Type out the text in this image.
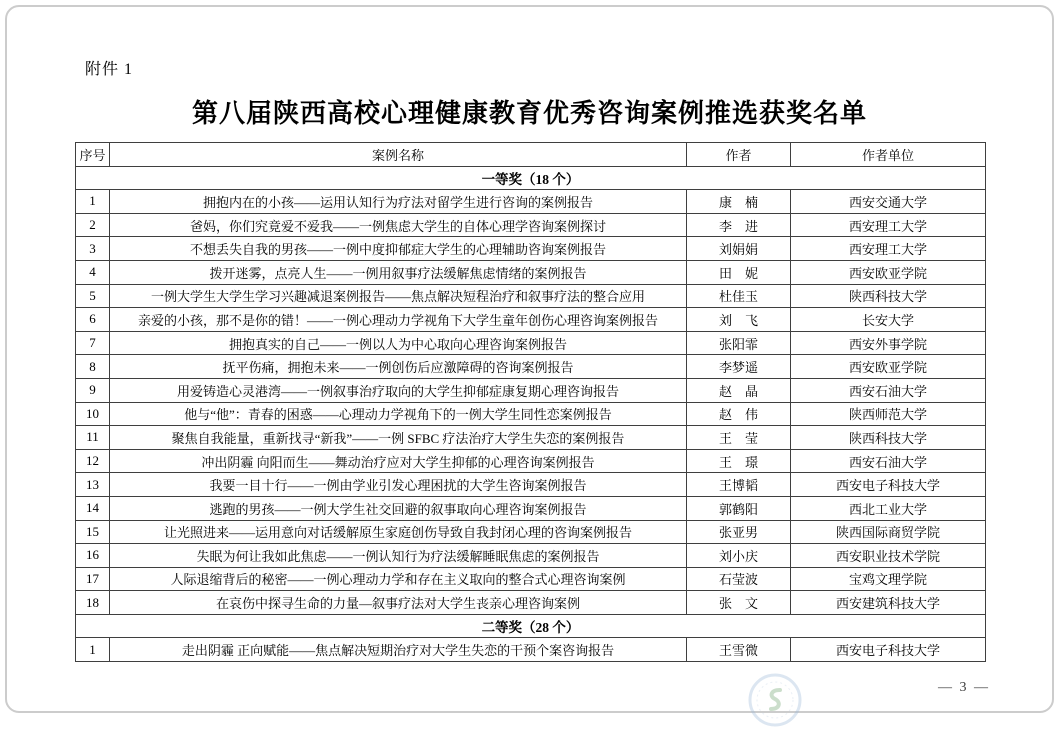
附件 1
第八届陕西高校心理健康教育优秀咨询案例推选获奖名单
序号	案例名称	作者	作者单位
一等奖（18 个）			
1	拥抱内在的小孩——运用认知行为疗法对留学生进行咨询的案例报告	康　楠	西安交通大学
2	爸妈，你们究竟爱不爱我——一例焦虑大学生的自体心理学咨询案例探讨	李　进	西安理工大学
3	不想丢失自我的男孩——一例中度抑郁症大学生的心理辅助咨询案例报告	刘娟娟	西安理工大学
4	拨开迷雾，点亮人生——一例用叙事疗法缓解焦虑情绪的案例报告	田　妮	西安欧亚学院
5	一例大学生大学生学习兴趣减退案例报告——焦点解决短程治疗和叙事疗法的整合应用	杜佳玉	陕西科技大学
6	亲爱的小孩，那不是你的错！——一例心理动力学视角下大学生童年创伤心理咨询案例报告	刘　飞	长安大学
7	拥抱真实的自己——一例以人为中心取向心理咨询案例报告	张阳霏	西安外事学院
8	抚平伤痛，拥抱未来——一例创伤后应激障碍的咨询案例报告	李梦遥	西安欧亚学院
9	用爱铸造心灵港湾——一例叙事治疗取向的大学生抑郁症康复期心理咨询报告	赵　晶	西安石油大学
10	他与“他”：青春的困惑——心理动力学视角下的一例大学生同性恋案例报告	赵　伟	陕西师范大学
11	聚焦自我能量，重新找寻“新我”——一例 SFBC 疗法治疗大学生失恋的案例报告	王　莹	陕西科技大学
12	冲出阴霾 向阳而生——舞动治疗应对大学生抑郁的心理咨询案例报告	王　璟	西安石油大学
13	我要一目十行——一例由学业引发心理困扰的大学生咨询案例报告	王博韬	西安电子科技大学
14	逃跑的男孩——一例大学生社交回避的叙事取向心理咨询案例报告	郭鹤阳	西北工业大学
15	让光照进来——运用意向对话缓解原生家庭创伤导致自我封闭心理的咨询案例报告	张亚男	陕西国际商贸学院
16	失眠为何让我如此焦虑——一例认知行为疗法缓解睡眠焦虑的案例报告	刘小庆	西安职业技术学院
17	人际退缩背后的秘密——一例心理动力学和存在主义取向的整合式心理咨询案例	石莹波	宝鸡文理学院
18	在哀伤中探寻生命的力量—叙事疗法对大学生丧亲心理咨询案例	张　文	西安建筑科技大学
二等奖（28 个）			
1	走出阴霾 正向赋能——焦点解决短期治疗对大学生失恋的干预个案咨询报告	王雪微	西安电子科技大学
— 3 —
